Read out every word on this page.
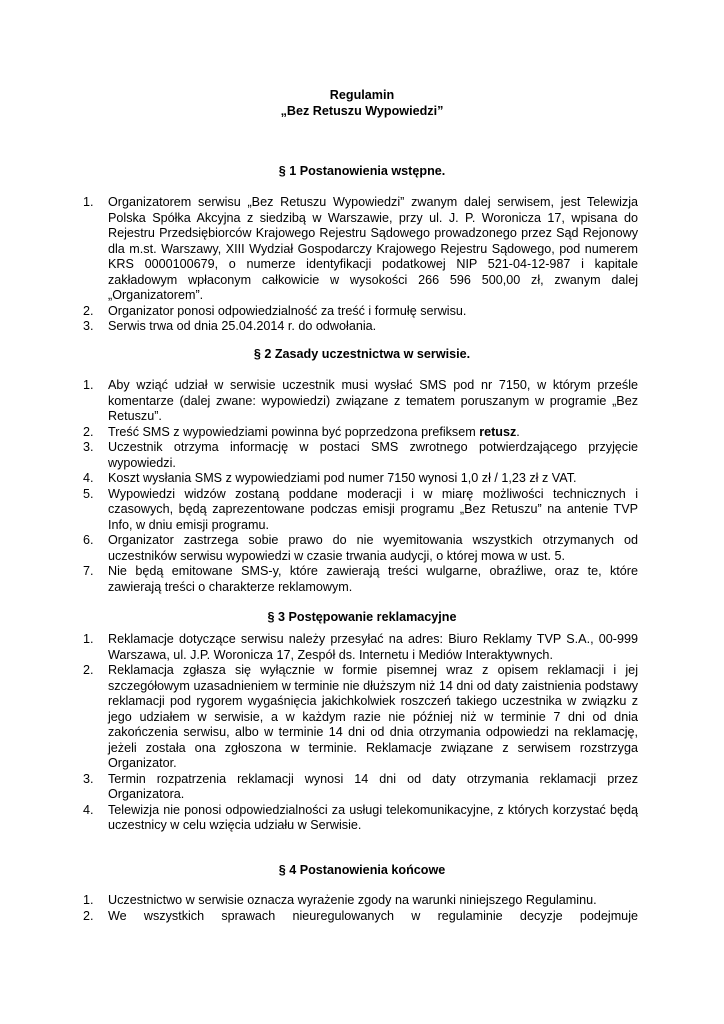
Regulamin
„Bez Retuszu Wypowiedzi”
§ 1 Postanowienia wstępne.
1. Organizatorem serwisu „Bez Retuszu Wypowiedzi” zwanym dalej serwisem, jest Telewizja Polska Spółka Akcyjna z siedzibą w Warszawie, przy ul. J. P. Woronicza 17, wpisana do Rejestru Przedsiębiorców Krajowego Rejestru Sądowego prowadzonego przez Sąd Rejonowy dla m.st. Warszawy, XIII Wydział Gospodarczy Krajowego Rejestru Sądowego, pod numerem KRS 0000100679, o numerze identyfikacji podatkowej NIP 521-04-12-987 i kapitale zakładowym wpłaconym całkowicie w wysokości 266 596 500,00 zł, zwanym dalej „Organizatorem”.
2. Organizator ponosi odpowiedzialność za treść i formułę serwisu.
3. Serwis trwa od dnia 25.04.2014 r. do odwołania.
§ 2 Zasady uczestnictwa w serwisie.
1. Aby wziąć udział w serwisie uczestnik musi wysłać SMS pod nr 7150, w którym prześle komentarze (dalej zwane: wypowiedzi) związane z tematem poruszanym w programie „Bez Retuszu”.
2. Treść SMS z wypowiedziami powinna być poprzedzona prefiksem retusz.
3. Uczestnik otrzyma informację w postaci SMS zwrotnego potwierdzającego przyjęcie wypowiedzi.
4. Koszt wysłania SMS z wypowiedziami pod numer 7150 wynosi 1,0 zł / 1,23 zł z VAT.
5. Wypowiedzi widzów zostaną poddane moderacji i w miarę możliwości technicznych i czasowych, będą zaprezentowane podczas emisji programu „Bez Retuszu” na antenie TVP Info, w dniu emisji programu.
6. Organizator zastrzega sobie prawo do nie wyemitowania wszystkich otrzymanych od uczestników serwisu wypowiedzi w czasie trwania audycji, o której mowa w ust. 5.
7. Nie będą emitowane SMS-y, które zawierają treści wulgarne, obraźliwe, oraz te, które zawierają treści o charakterze reklamowym.
§ 3 Postępowanie reklamacyjne
1. Reklamacje dotyczące serwisu należy przesyłać na adres: Biuro Reklamy TVP S.A., 00-999 Warszawa, ul. J.P. Woronicza 17, Zespół ds. Internetu i Mediów Interaktywnych.
2. Reklamacja zgłasza się wyłącznie w formie pisemnej wraz z opisem reklamacji i jej szczegółowym uzasadnieniem w terminie nie dłuższym niż 14 dni od daty zaistnienia podstawy reklamacji pod rygorem wygaśnięcia jakichkolwiek roszczeń takiego uczestnika w związku z jego udziałem w serwisie, a w każdym razie nie później niż w terminie 7 dni od dnia zakończenia serwisu, albo w terminie 14 dni od dnia otrzymania odpowiedzi na reklamację, jeżeli została ona zgłoszona w terminie. Reklamacje związane z serwisem rozstrzyga Organizator.
3. Termin rozpatrzenia reklamacji wynosi 14 dni od daty otrzymania reklamacji przez Organizatora.
4. Telewizja nie ponosi odpowiedzialności za usługi telekomunikacyjne, z których korzystać będą uczestnicy w celu wzięcia udziału w Serwisie.
§ 4 Postanowienia końcowe
1. Uczestnictwo w serwisie oznacza wyrażenie zgody na warunki niniejszego Regulaminu.
2. We wszystkich sprawach nieuregulowanych w regulaminie decyzje podejmuje
